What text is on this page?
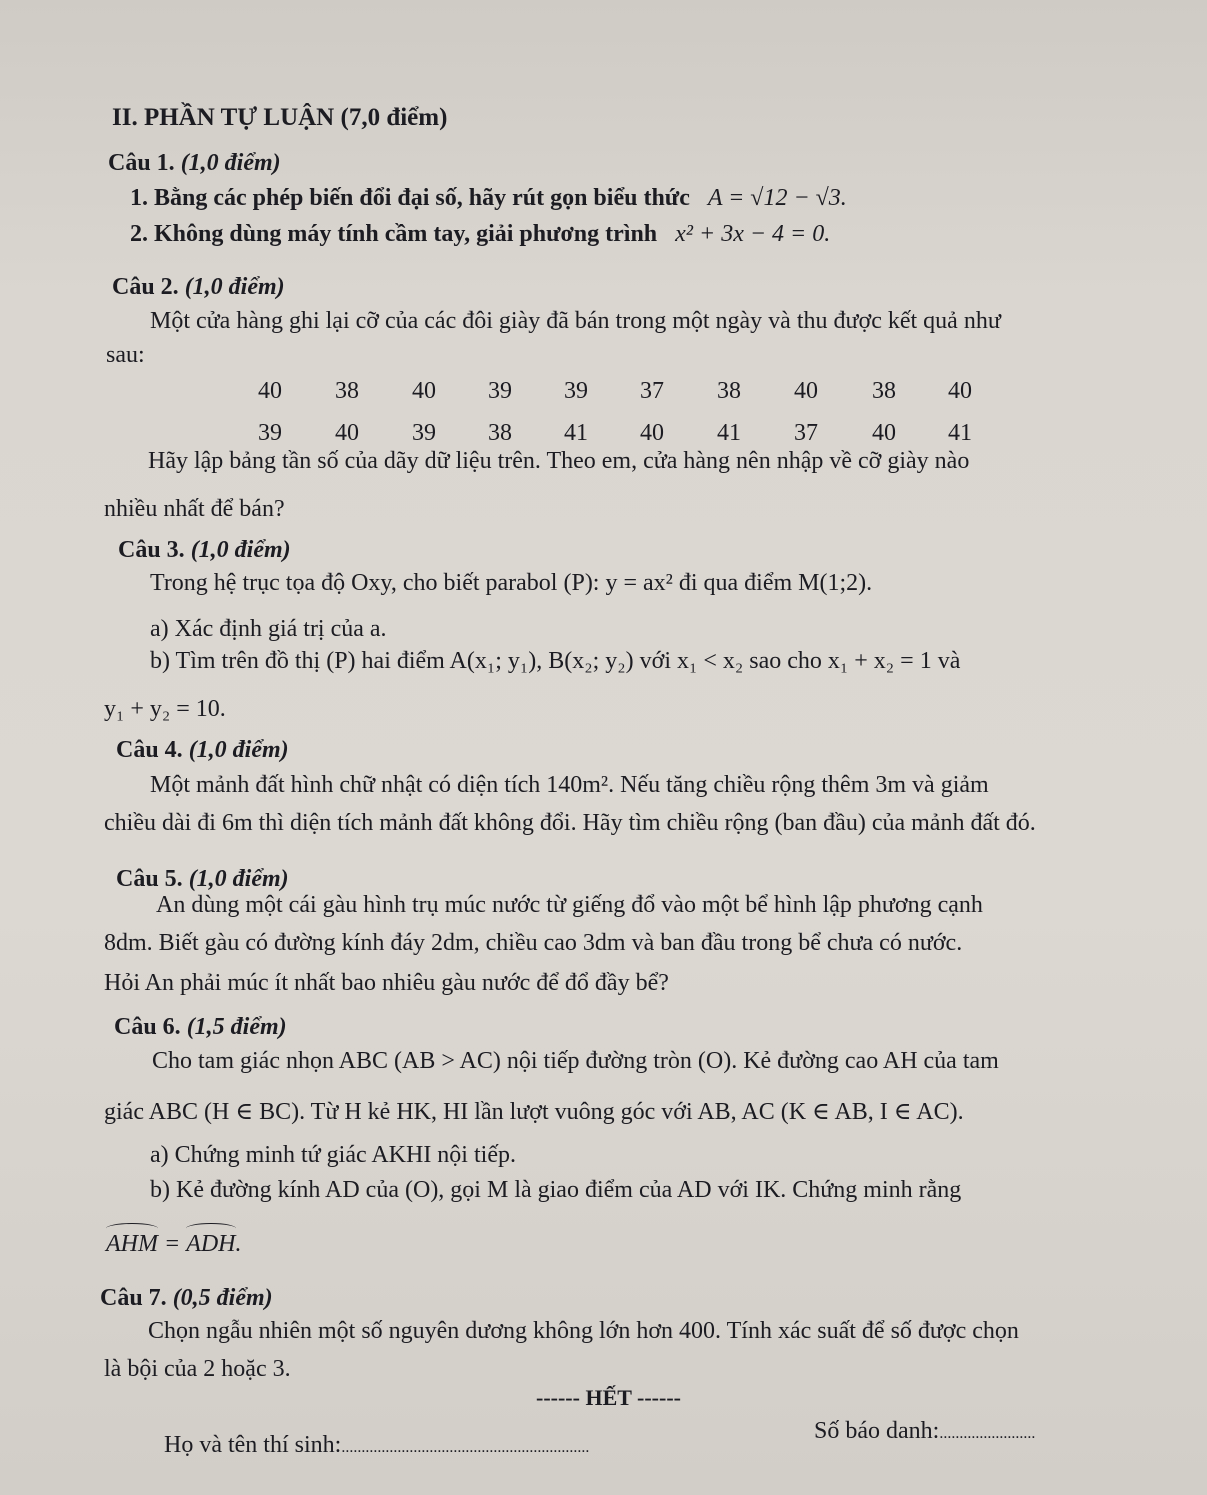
II. PHẦN TỰ LUẬN (7,0 điểm)
Câu 1. (1,0 điểm)
1. Bằng các phép biến đổi đại số, hãy rút gọn biểu thức A = √12 − √3.
2. Không dùng máy tính cầm tay, giải phương trình x² + 3x − 4 = 0.
Câu 2. (1,0 điểm)
Một cửa hàng ghi lại cỡ của các đôi giày đã bán trong một ngày và thu được kết quả như
sau:
40 38 40 39 39 37 38 40 38 40
39 40 39 38 41 40 41 37 40 41
Hãy lập bảng tần số của dãy dữ liệu trên. Theo em, cửa hàng nên nhập về cỡ giày nào
nhiều nhất để bán?
Câu 3. (1,0 điểm)
Trong hệ trục tọa độ Oxy, cho biết parabol (P): y = ax² đi qua điểm M(1;2).
a) Xác định giá trị của a.
b) Tìm trên đồ thị (P) hai điểm A(x₁; y₁), B(x₂; y₂) với x₁ < x₂ sao cho x₁ + x₂ = 1 và
y₁ + y₂ = 10.
Câu 4. (1,0 điểm)
Một mảnh đất hình chữ nhật có diện tích 140m². Nếu tăng chiều rộng thêm 3m và giảm
chiều dài đi 6m thì diện tích mảnh đất không đổi. Hãy tìm chiều rộng (ban đầu) của mảnh đất đó.
Câu 5. (1,0 điểm)
An dùng một cái gàu hình trụ múc nước từ giếng đổ vào một bể hình lập phương cạnh
8dm. Biết gàu có đường kính đáy 2dm, chiều cao 3dm và ban đầu trong bể chưa có nước.
Hỏi An phải múc ít nhất bao nhiêu gàu nước để đổ đầy bể?
Câu 6. (1,5 điểm)
Cho tam giác nhọn ABC (AB > AC) nội tiếp đường tròn (O). Kẻ đường cao AH của tam
giác ABC (H ∈ BC). Từ H kẻ HK, HI lần lượt vuông góc với AB, AC (K ∈ AB, I ∈ AC).
a) Chứng minh tứ giác AKHI nội tiếp.
b) Kẻ đường kính AD của (O), gọi M là giao điểm của AD với IK. Chứng minh rằng
AHM = ADH.
Câu 7. (0,5 điểm)
Chọn ngẫu nhiên một số nguyên dương không lớn hơn 400. Tính xác suất để số được chọn
là bội của 2 hoặc 3.
------ HẾT ------
Họ và tên thí sinh:..............................................................
Số báo danh:........................
